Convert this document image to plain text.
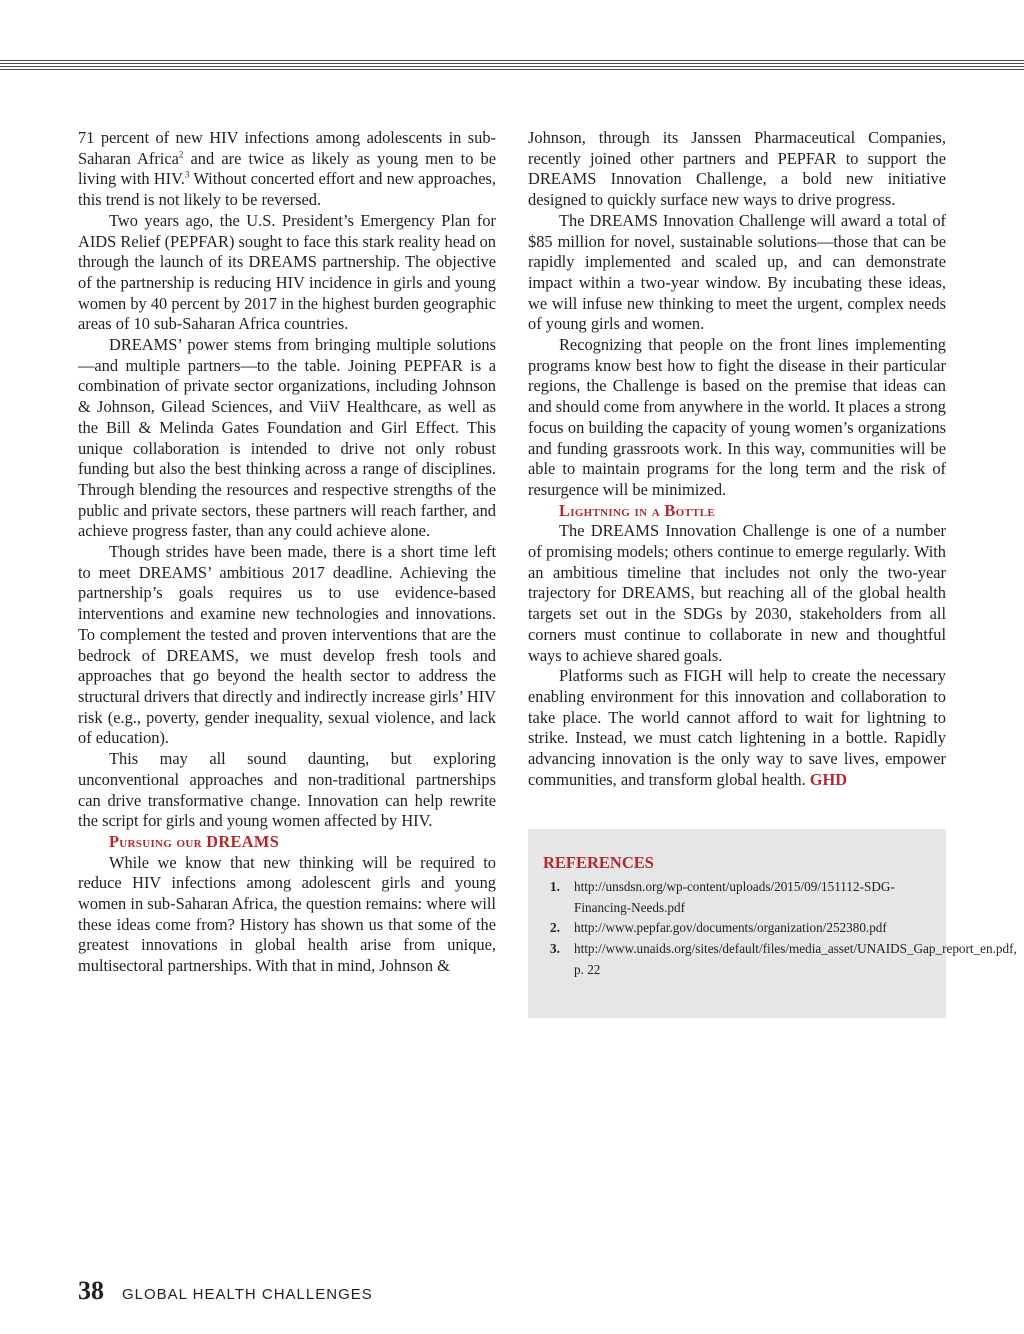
71 percent of new HIV infections among adolescents in sub-Saharan Africa$^2$ and are twice as likely as young men to be living with HIV.$^3$ Without concerted effort and new approaches, this trend is not likely to be reversed.

Two years ago, the U.S. President’s Emergency Plan for AIDS Relief (PEPFAR) sought to face this stark reality head on through the launch of its DREAMS partnership. The objective of the partnership is reducing HIV incidence in girls and young women by 40 percent by 2017 in the highest burden geographic areas of 10 sub-Saharan Africa countries.

DREAMS’ power stems from bringing multiple solutions—and multiple partners—to the table. Joining PEPFAR is a combination of private sector organizations, including Johnson & Johnson, Gilead Sciences, and ViiV Healthcare, as well as the Bill & Melinda Gates Foundation and Girl Effect. This unique collaboration is intended to drive not only robust funding but also the best thinking across a range of disciplines. Through blending the resources and respective strengths of the public and private sectors, these partners will reach farther, and achieve progress faster, than any could achieve alone.

Though strides have been made, there is a short time left to meet DREAMS’ ambitious 2017 deadline. Achieving the partnership’s goals requires us to use evidence-based interventions and examine new technologies and innovations. To complement the tested and proven interventions that are the bedrock of DREAMS, we must develop fresh tools and approaches that go beyond the health sector to address the structural drivers that directly and indirectly increase girls’ HIV risk (e.g., poverty, gender inequality, sexual violence, and lack of education).

This may all sound daunting, but exploring unconventional approaches and non-traditional partnerships can drive transformative change. Innovation can help rewrite the script for girls and young women affected by HIV.

Pursuing our DREAMS

While we know that new thinking will be required to reduce HIV infections among adolescent girls and young women in sub-Saharan Africa, the question remains: where will these ideas come from? History has shown us that some of the greatest innovations in global health arise from unique, multisectoral partnerships. With that in mind, Johnson &

Johnson, through its Janssen Pharmaceutical Companies, recently joined other partners and PEPFAR to support the DREAMS Innovation Challenge, a bold new initiative designed to quickly surface new ways to drive progress.

The DREAMS Innovation Challenge will award a total of $85 million for novel, sustainable solutions—those that can be rapidly implemented and scaled up, and can demonstrate impact within a two-year window. By incubating these ideas, we will infuse new thinking to meet the urgent, complex needs of young girls and women.

Recognizing that people on the front lines implementing programs know best how to fight the disease in their particular regions, the Challenge is based on the premise that ideas can and should come from anywhere in the world. It places a strong focus on building the capacity of young women’s organizations and funding grassroots work. In this way, communities will be able to maintain programs for the long term and the risk of resurgence will be minimized.

Lightning in a Bottle

The DREAMS Innovation Challenge is one of a number of promising models; others continue to emerge regularly. With an ambitious timeline that includes not only the two-year trajectory for DREAMS, but reaching all of the global health targets set out in the SDGs by 2030, stakeholders from all corners must continue to collaborate in new and thoughtful ways to achieve shared goals.

Platforms such as FIGH will help to create the necessary enabling environment for this innovation and collaboration to take place. The world cannot afford to wait for lightning to strike. Instead, we must catch lightening in a bottle. Rapidly advancing innovation is the only way to save lives, empower communities, and transform global health. GHD

REFERENCES
1. http://unsdsn.org/wp-content/uploads/2015/09/151112-SDG-Financing-Needs.pdf
2. http://www.pepfar.gov/documents/organization/252380.pdf
3. http://www.unaids.org/sites/default/files/media_asset/UNAIDS_Gap_report_en.pdf, p. 22
38 GLOBAL HEALTH CHALLENGES
